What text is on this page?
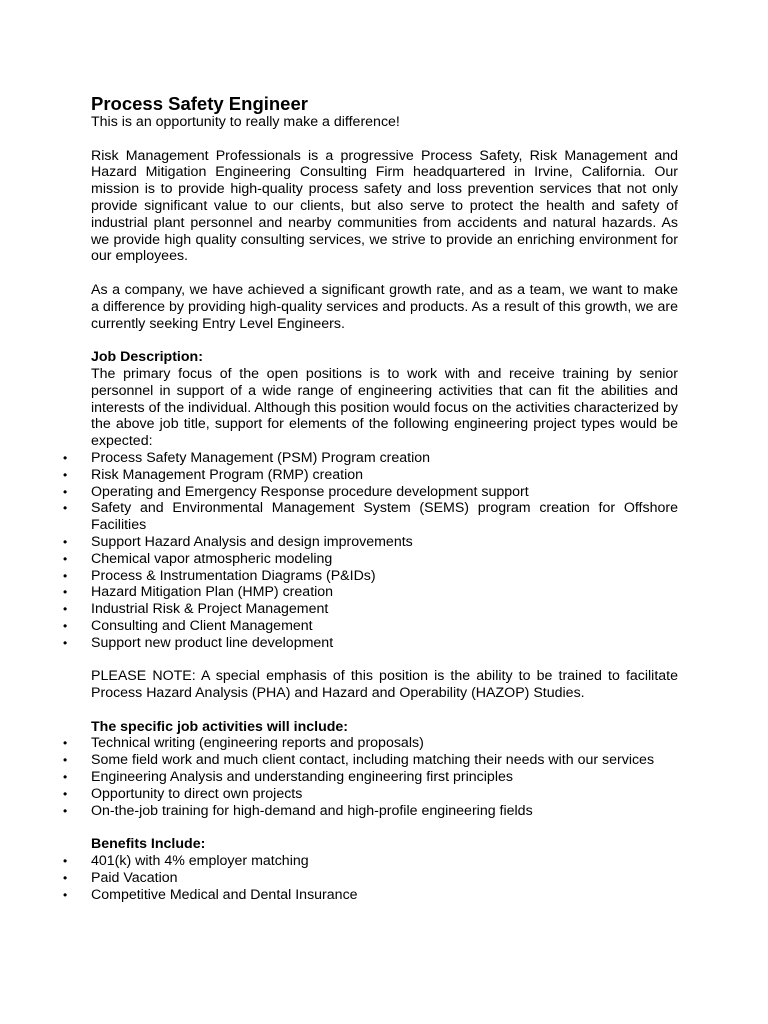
Process Safety Engineer

This is an opportunity to really make a difference!

Risk Management Professionals is a progressive Process Safety, Risk Management and Hazard Mitigation Engineering Consulting Firm headquartered in Irvine, California. Our mission is to provide high-quality process safety and loss prevention services that not only provide significant value to our clients, but also serve to protect the health and safety of industrial plant personnel and nearby communities from accidents and natural hazards. As we provide high quality consulting services, we strive to provide an enriching environment for our employees.

As a company, we have achieved a significant growth rate, and as a team, we want to make a difference by providing high-quality services and products. As a result of this growth, we are currently seeking Entry Level Engineers.

Job Description:

The primary focus of the open positions is to work with and receive training by senior personnel in support of a wide range of engineering activities that can fit the abilities and interests of the individual. Although this position would focus on the activities characterized by the above job title, support for elements of the following engineering project types would be expected:

• Process Safety Management (PSM) Program creation
• Risk Management Program (RMP) creation
• Operating and Emergency Response procedure development support
• Safety and Environmental Management System (SEMS) program creation for Offshore Facilities
• Support Hazard Analysis and design improvements
• Chemical vapor atmospheric modeling
• Process & Instrumentation Diagrams (P&IDs)
• Hazard Mitigation Plan (HMP) creation
• Industrial Risk & Project Management
• Consulting and Client Management
• Support new product line development

PLEASE NOTE: A special emphasis of this position is the ability to be trained to facilitate Process Hazard Analysis (PHA) and Hazard and Operability (HAZOP) Studies.

The specific job activities will include:

• Technical writing (engineering reports and proposals)
• Some field work and much client contact, including matching their needs with our services
• Engineering Analysis and understanding engineering first principles
• Opportunity to direct own projects
• On-the-job training for high-demand and high-profile engineering fields

Benefits Include:

• 401(k) with 4% employer matching
• Paid Vacation
• Competitive Medical and Dental Insurance
